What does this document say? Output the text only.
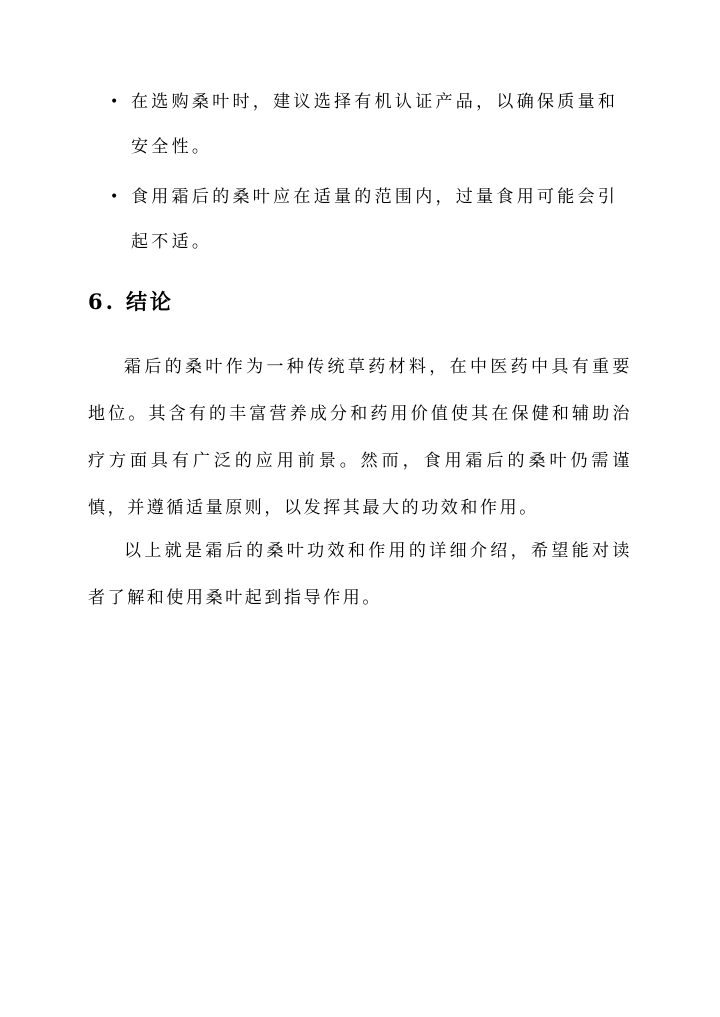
• 在选购桑叶时，建议选择有机认证产品，以确保质量和安全性。
• 食用霜后的桑叶应在适量的范围内，过量食用可能会引起不适。
6. 结论

霜后的桑叶作为一种传统草药材料，在中医药中具有重要地位。其含有的丰富营养成分和药用价值使其在保健和辅助治疗方面具有广泛的应用前景。然而，食用霜后的桑叶仍需谨慎，并遵循适量原则，以发挥其最大的功效和作用。

以上就是霜后的桑叶功效和作用的详细介绍，希望能对读者了解和使用桑叶起到指导作用。
